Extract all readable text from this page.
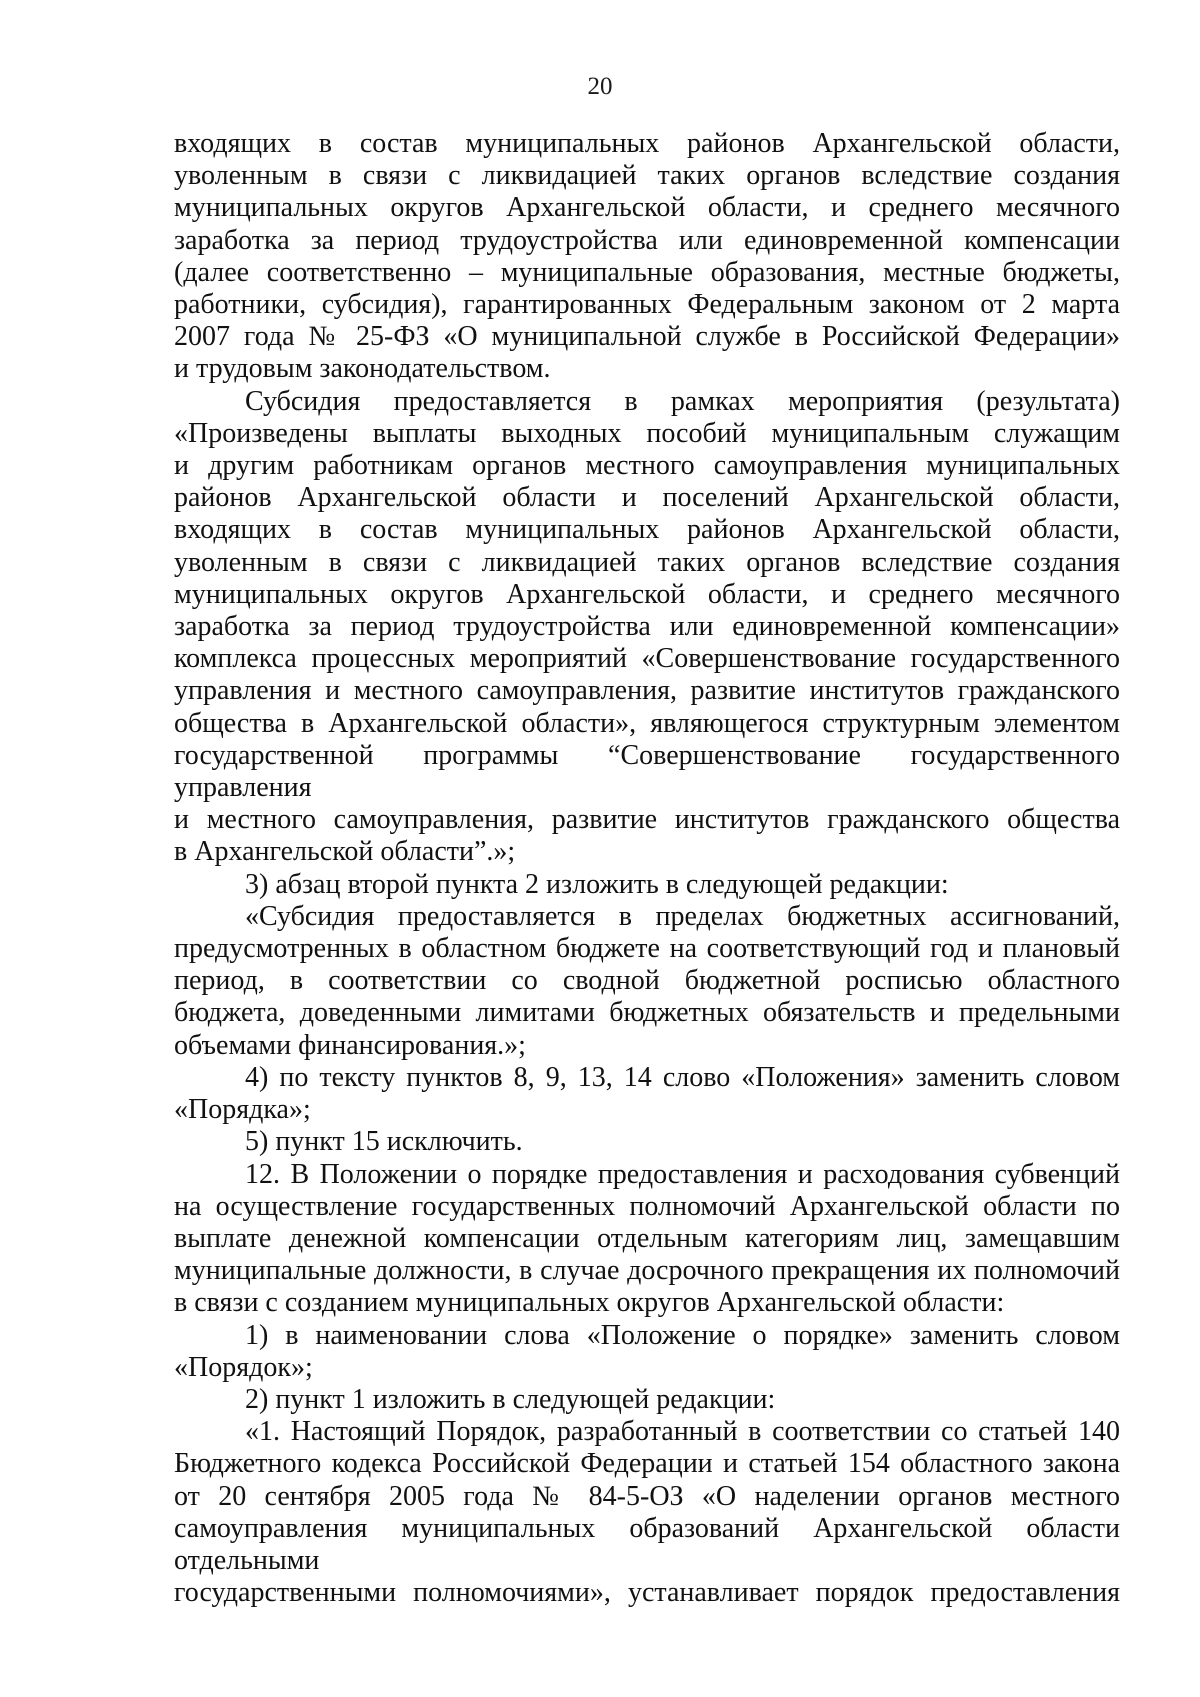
20

входящих в состав муниципальных районов Архангельской области,

уволенным в связи с ликвидацией таких органов вследствие создания

муниципальных округов Архангельской области, и среднего месячного

заработка за период трудоустройства или единовременной компенсации

(далее соответственно – муниципальные образования, местные бюджеты,

работники, субсидия), гарантированных Федеральным законом от 2 марта

2007 года № 25-ФЗ «О муниципальной службе в Российской Федерации»

и трудовым законодательством.

Субсидия предоставляется в рамках мероприятия (результата)

«Произведены выплаты выходных пособий муниципальным служащим

и другим работникам органов местного самоуправления муниципальных

районов Архангельской области и поселений Архангельской области,

входящих в состав муниципальных районов Архангельской области,

уволенным в связи с ликвидацией таких органов вследствие создания

муниципальных округов Архангельской области, и среднего месячного

заработка за период трудоустройства или единовременной компенсации»

комплекса процессных мероприятий «Совершенствование государственного

управления и местного самоуправления, развитие институтов гражданского

общества в Архангельской области», являющегося структурным элементом

государственной программы “Совершенствование государственного управления

и местного самоуправления, развитие институтов гражданского общества

в Архангельской области”.»;

3) абзац второй пункта 2 изложить в следующей редакции:

«Субсидия предоставляется в пределах бюджетных ассигнований,

предусмотренных в областном бюджете на соответствующий год и плановый

период, в соответствии со сводной бюджетной росписью областного

бюджета, доведенными лимитами бюджетных обязательств и предельными

объемами финансирования.»;

4) по тексту пунктов 8, 9, 13, 14 слово «Положения» заменить словом

«Порядка»;

5) пункт 15 исключить.

12. В Положении о порядке предоставления и расходования субвенций

на осуществление государственных полномочий Архангельской области по

выплате денежной компенсации отдельным категориям лиц, замещавшим

муниципальные должности, в случае досрочного прекращения их полномочий

в связи с созданием муниципальных округов Архангельской области:

1) в наименовании слова «Положение о порядке» заменить словом

«Порядок»;

2) пункт 1 изложить в следующей редакции:

«1. Настоящий Порядок, разработанный в соответствии со статьей 140

Бюджетного кодекса Российской Федерации и статьей 154 областного закона

от 20 сентября 2005 года № 84-5-ОЗ «О наделении органов местного

самоуправления муниципальных образований Архангельской области отдельными

государственными полномочиями», устанавливает порядок предоставления
